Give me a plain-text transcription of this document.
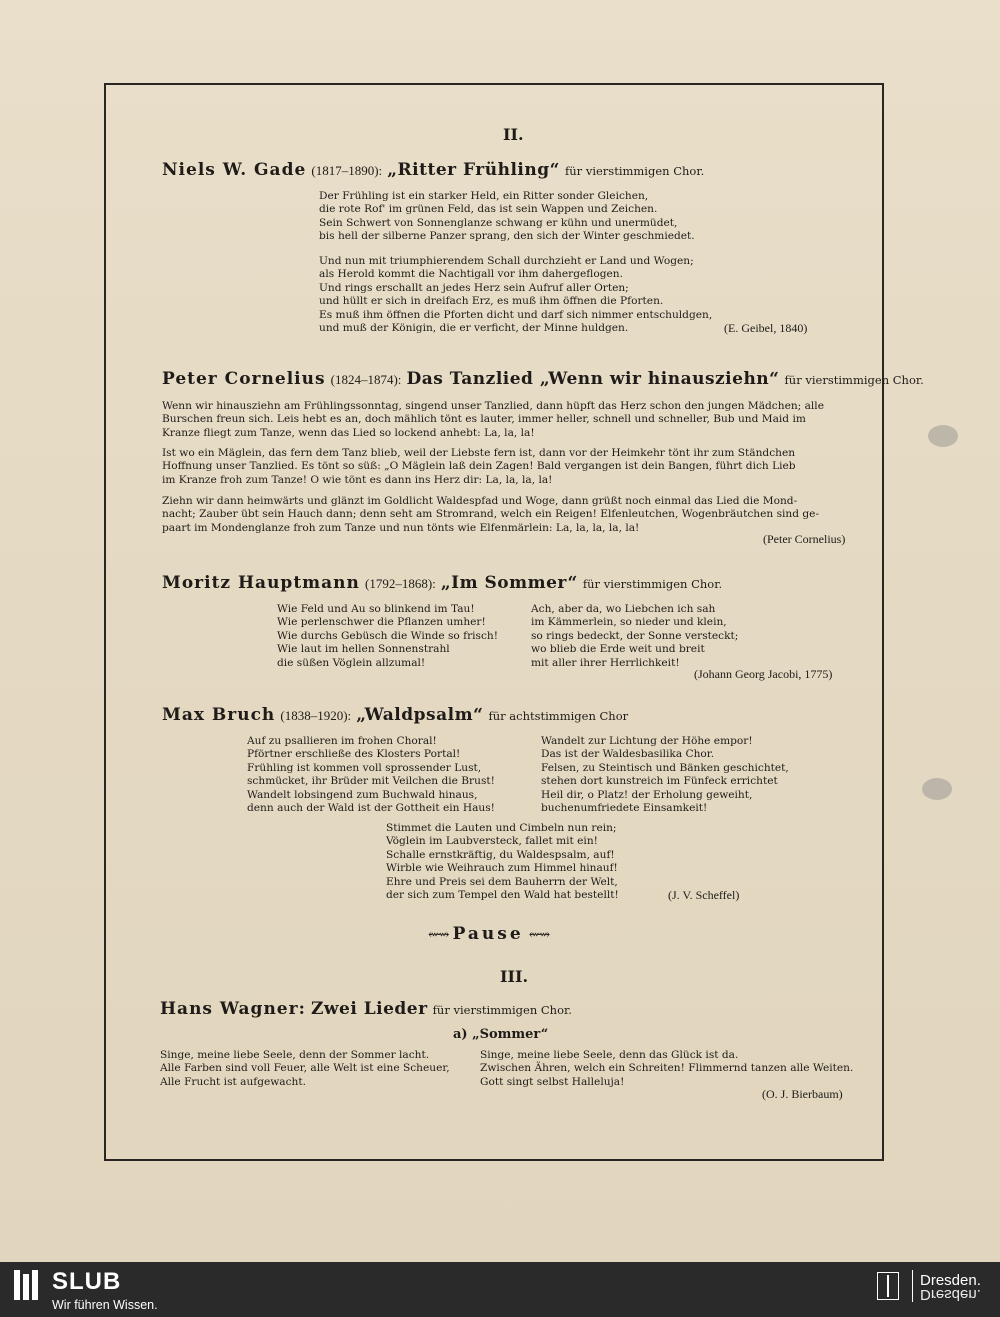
II.
Niels W. Gade (1817–1890): „Ritter Frühling“ für vierstimmigen Chor.
Der Frühling ist ein starker Held, ein Ritter sonder Gleichen,
die rote Rof' im grünen Feld, das ist sein Wappen und Zeichen.
Sein Schwert von Sonnenglanze schwang er kühn und unermüdet,
bis hell der silberne Panzer sprang, den sich der Winter geschmiedet.
Und nun mit triumphierendem Schall durchzieht er Land und Wogen;
als Herold kommt die Nachtigall vor ihm dahergeflogen.
Und rings erschallt an jedes Herz sein Aufruf aller Orten;
und hüllt er sich in dreifach Erz, es muß ihm öffnen die Pforten.
Es muß ihm öffnen die Pforten dicht und darf sich nimmer entschuldgen,
und muß der Königin, die er verficht, der Minne huldgen.	(E. Geibel, 1840)
Peter Cornelius (1824–1874): Das Tanzlied „Wenn wir hinausziehn“ für vierstimmigen Chor.
Wenn wir hinausziehn am Frühlingssonntag, singend unser Tanzlied, dann hüpft das Herz schon den jungen Mädchen; alle
Burschen freun sich. Leis hebt es an, doch mählich tönt es lauter, immer heller, schnell und schneller, Bub und Maid im
Kranze fliegt zum Tanze, wenn das Lied so lockend anhebt: La, la, la!
Ist wo ein Mäglein, das fern dem Tanz blieb, weil der Liebste fern ist, dann vor der Heimkehr tönt ihr zum Ständchen
Hoffnung unser Tanzlied. Es tönt so süß: „O Mäglein laß dein Zagen! Bald vergangen ist dein Bangen, führt dich Lieb
im Kranze froh zum Tanze! O wie tönt es dann ins Herz dir: La, la, la, la!
Ziehn wir dann heimwärts und glänzt im Goldlicht Waldespfad und Woge, dann grüßt noch einmal das Lied die Mond-
nacht; Zauber übt sein Hauch dann; denn seht am Stromrand, welch ein Reigen! Elfenleutchen, Wogenbräutchen sind ge-
paart im Mondenglanze froh zum Tanze und nun tönts wie Elfenmärlein: La, la, la, la, la!
(Peter Cornelius)
Moritz Hauptmann (1792–1868): „Im Sommer“ für vierstimmigen Chor.
Wie Feld und Au so blinkend im Tau!
Wie perlenschwer die Pflanzen umher!
Wie durchs Gebüsch die Winde so frisch!
Wie laut im hellen Sonnenstrahl
die süßen Vöglein allzumal!
Ach, aber da, wo Liebchen ich sah
im Kämmerlein, so nieder und klein,
so rings bedeckt, der Sonne versteckt;
wo blieb die Erde weit und breit
mit aller ihrer Herrlichkeit!
(Johann Georg Jacobi, 1775)
Max Bruch (1838–1920): „Waldpsalm“ für achtstimmigen Chor
Auf zu psallieren im frohen Choral!
Pförtner erschließe des Klosters Portal!
Frühling ist kommen voll sprossender Lust,
schmücket, ihr Brüder mit Veilchen die Brust!
Wandelt lobsingend zum Buchwald hinaus,
denn auch der Wald ist der Gottheit ein Haus!
Wandelt zur Lichtung der Höhe empor!
Das ist der Waldesbasilika Chor.
Felsen, zu Steintisch und Bänken geschichtet,
stehen dort kunstreich im Fünfeck errichtet
Heil dir, o Platz! der Erholung geweiht,
buchenumfriedete Einsamkeit!
Stimmet die Lauten und Cimbeln nun rein;
Vöglein im Laubversteck, fallet mit ein!
Schalle ernstkräftig, du Waldespsalm, auf!
Wirble wie Weihrauch zum Himmel hinauf!
Ehre und Preis sei dem Bauherrn der Welt,
der sich zum Tempel den Wald hat bestellt!	(J. V. Scheffel)
⇜⇝ Pause ⇜⇝
III.
Hans Wagner: Zwei Lieder für vierstimmigen Chor.
a) „Sommer“
Singe, meine liebe Seele, denn der Sommer lacht.
Alle Farben sind voll Feuer, alle Welt ist eine Scheuer,
Alle Frucht ist aufgewacht.
Singe, meine liebe Seele, denn das Glück ist da.
Zwischen Ähren, welch ein Schreiten! Flimmernd tanzen alle Weiten.
Gott singt selbst Halleluja!
(O. J. Bierbaum)
SLUB
Wir führen Wissen.
Dresden.
Dresden.
